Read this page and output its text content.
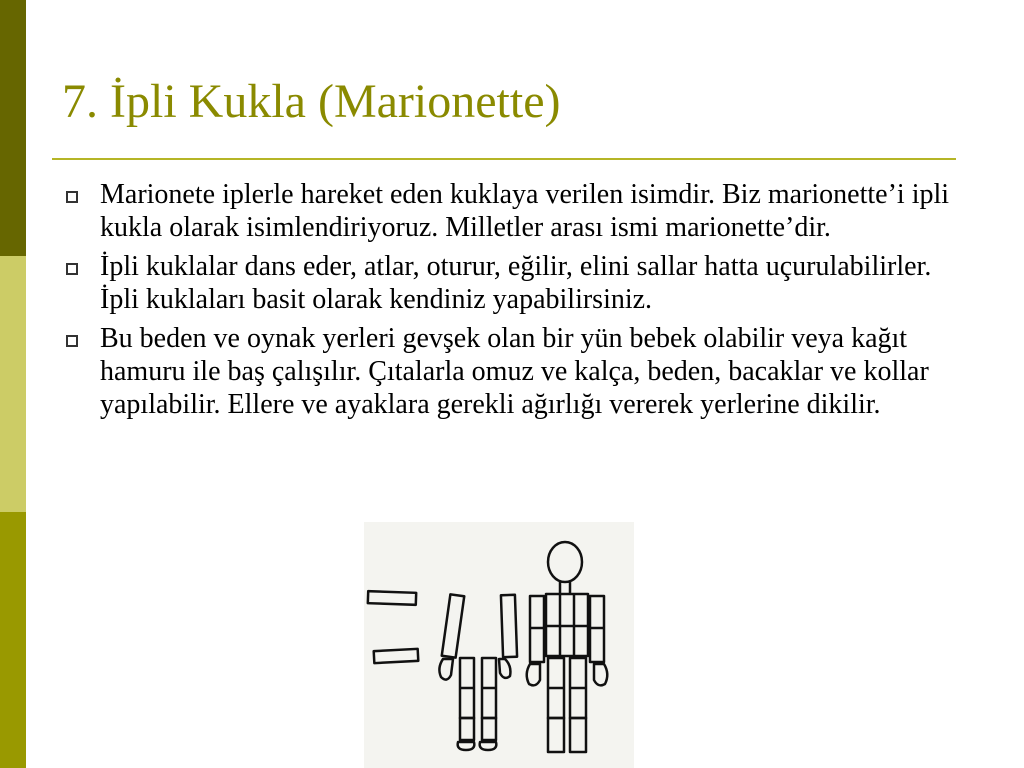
7. İpli Kukla (Marionette)
Marionete iplerle hareket eden kuklaya verilen isimdir. Biz marionette’i ipli kukla olarak isimlendiriyoruz. Milletler arası ismi marionette’dir.
İpli kuklalar dans eder, atlar, oturur, eğilir, elini sallar hatta uçurulabilirler. İpli kuklaları basit olarak kendiniz yapabilirsiniz.
Bu beden ve oynak yerleri gevşek olan bir yün bebek olabilir veya kağıt hamuru ile baş çalışılır. Çıtalarla omuz ve kalça, beden, bacaklar ve kollar yapılabilir. Ellere ve ayaklara gerekli ağırlığı vererek yerlerine dikilir.
